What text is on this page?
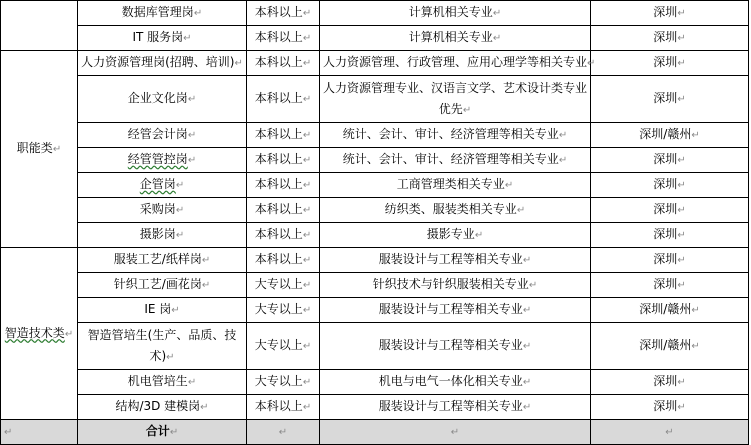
	数据库管理岗↵	本科以上↵	计算机相关专业↵	深圳↵
	IT 服务岗↵	本科以上↵	计算机相关专业↵	深圳↵
职能类↵	人力资源管理岗(招聘、培训)↵	本科以上↵	人力资源管理、行政管理、应用心理学等相关专业↵	深圳↵
	企业文化岗↵	本科以上↵	人力资源管理专业、汉语言文学、艺术设计类专业优先↵	深圳↵
	经管会计岗↵	本科以上↵	统计、会计、审计、经济管理等相关专业↵	深圳/赣州↵
	经管管控岗↵	本科以上↵	统计、会计、审计、经济管理等相关专业↵	深圳↵
	企管岗↵	本科以上↵	工商管理类相关专业↵	深圳↵
	采购岗↵	本科以上↵	纺织类、服装类相关专业↵	深圳↵
	摄影岗↵	本科以上↵	摄影专业↵	深圳↵
智造技术类↵	服装工艺/纸样岗↵	本科以上↵	服装设计与工程等相关专业↵	深圳↵
	针织工艺/画花岗↵	大专以上↵	针织技术与针织服装相关专业↵	深圳↵
	IE 岗↵	大专以上↵	服装设计与工程等相关专业↵	深圳/赣州↵
	智造管培生(生产、品质、技术)↵	大专以上↵	服装设计与工程等相关专业↵	深圳/赣州↵
	机电管培生↵	大专以上↵	机电与电气一体化相关专业↵	深圳↵
	结构/3D 建模岗↵	本科以上↵	服装设计与工程等相关专业↵	深圳↵
↵	合计↵	↵	↵	↵
